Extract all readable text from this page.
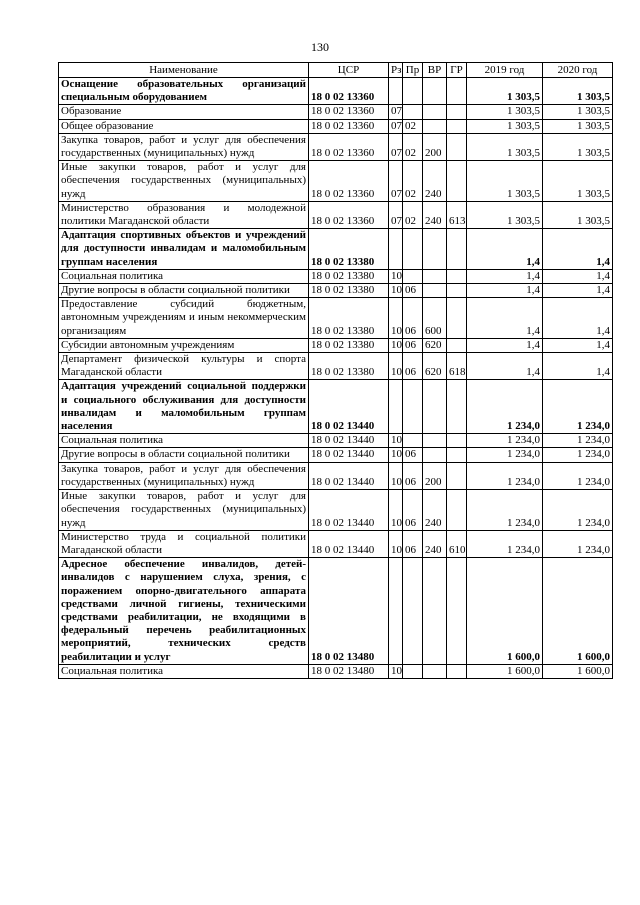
130
Наименование	ЦСР	Рз	Пр	ВР	ГР	2019 год	2020 год
Оснащение образовательных организаций специальным оборудованием	18 0 02 13360					1 303,5	1 303,5
Образование	18 0 02 13360	07				1 303,5	1 303,5
Общее образование	18 0 02 13360	07	02			1 303,5	1 303,5
Закупка товаров, работ и услуг для обеспечения государственных (муниципальных) нужд	18 0 02 13360	07	02	200		1 303,5	1 303,5
Иные закупки товаров, работ и услуг для обеспечения государственных (муниципальных) нужд	18 0 02 13360	07	02	240		1 303,5	1 303,5
Министерство образования и молодежной политики Магаданской области	18 0 02 13360	07	02	240	613	1 303,5	1 303,5
Адаптация спортивных объектов и учреждений для доступности инвалидам и маломобильным группам населения	18 0 02 13380					1,4	1,4
Социальная политика	18 0 02 13380	10				1,4	1,4
Другие вопросы в области социальной политики	18 0 02 13380	10	06			1,4	1,4
Предоставление субсидий бюджетным, автономным учреждениям и иным некоммерческим организациям	18 0 02 13380	10	06	600		1,4	1,4
Субсидии автономным учреждениям	18 0 02 13380	10	06	620		1,4	1,4
Департамент физической культуры и спорта Магаданской области	18 0 02 13380	10	06	620	618	1,4	1,4
Адаптация учреждений социальной поддержки и социального обслуживания для доступности инвалидам и маломобильным группам населения	18 0 02 13440					1 234,0	1 234,0
Социальная политика	18 0 02 13440	10				1 234,0	1 234,0
Другие вопросы в области социальной политики	18 0 02 13440	10	06			1 234,0	1 234,0
Закупка товаров, работ и услуг для обеспечения государственных (муниципальных) нужд	18 0 02 13440	10	06	200		1 234,0	1 234,0
Иные закупки товаров, работ и услуг для обеспечения государственных (муниципальных) нужд	18 0 02 13440	10	06	240		1 234,0	1 234,0
Министерство труда и социальной политики Магаданской области	18 0 02 13440	10	06	240	610	1 234,0	1 234,0
Адресное обеспечение инвалидов, детей-инвалидов с нарушением слуха, зрения, с поражением опорно-двигательного аппарата средствами личной гигиены, техническими средствами реабилитации, не входящими в федеральный перечень реабилитационных мероприятий, технических средств реабилитации и услуг	18 0 02 13480					1 600,0	1 600,0
Социальная политика	18 0 02 13480	10				1 600,0	1 600,0
